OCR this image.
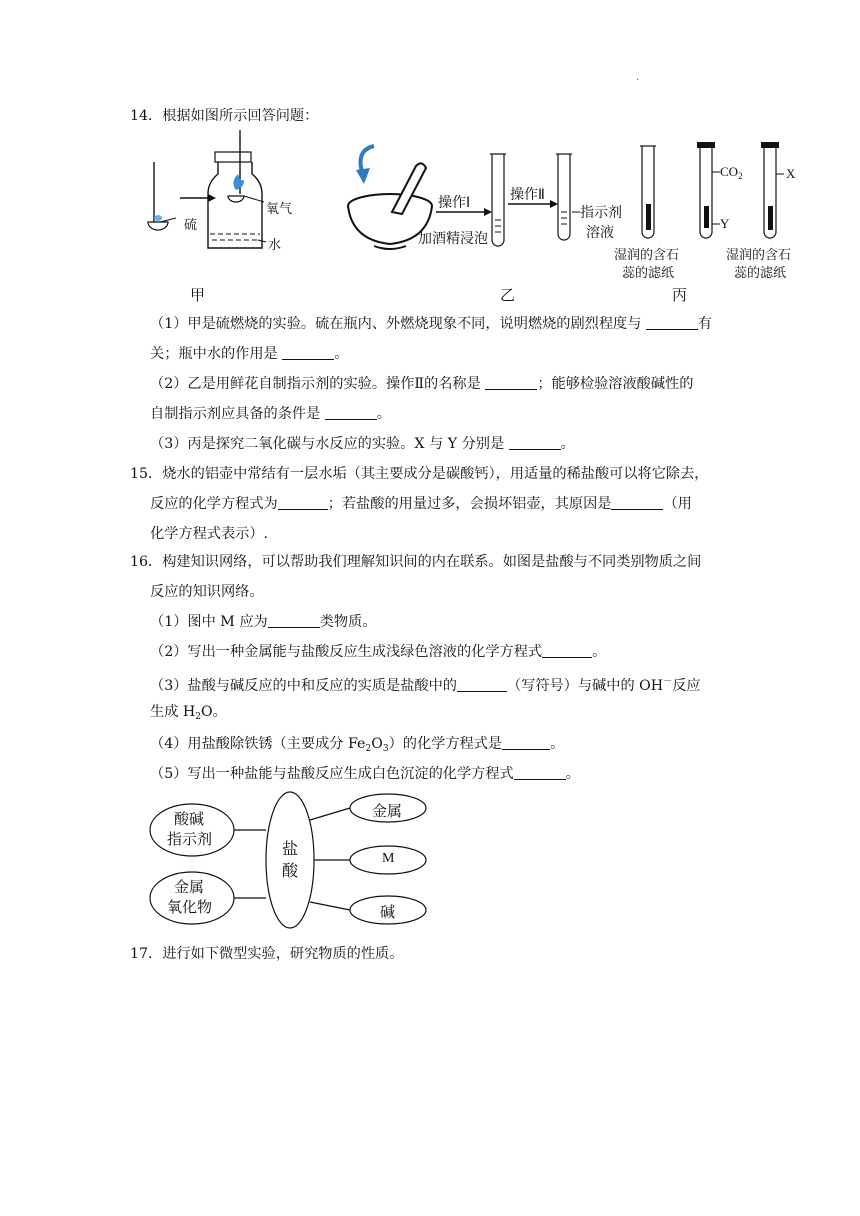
.
14．根据如图所示回答问题：
硫
氧气
水
甲
操作Ⅰ	操作Ⅱ
加酒精浸泡
指示剂
溶液
乙
$CO_2$
Y
X
湿润的含石
蕊的滤纸
湿润的含石
蕊的滤纸
丙
（1）甲是硫燃烧的实验。硫在瓶内、外燃烧现象不同，说明燃烧的剧烈程度与	有
关；瓶中水的作用是	。
（2）乙是用鲜花自制指示剂的实验。操作Ⅱ的名称是	；能够检验溶液酸碱性的
自制指示剂应具备的条件是	。
（3）丙是探究二氧化碳与水反应的实验。X 与 Y 分别是	。
15．烧水的铝壶中常结有一层水垢（其主要成分是碳酸钙），用适量的稀盐酸可以将它除去，
反应的化学方程式为	；若盐酸的用量过多，会损坏铝壶，其原因是	（用
化学方程式表示）.
16．构建知识网络，可以帮助我们理解知识间的内在联系。如图是盐酸与不同类别物质之间
反应的知识网络。
（1）图中 M 应为	类物质。
（2）写出一种金属能与盐酸反应生成浅绿色溶液的化学方程式	。
（3）盐酸与碱反应的中和反应的实质是盐酸中的	（写符号）与碱中的 OH－反应
生成 $H_2O$。
（4）用盐酸除铁锈（主要成分 $Fe_2O_3$）的化学方程式是	。
（5）写出一种盐能与盐酸反应生成白色沉淀的化学方程式	。
酸碱
指示剂
金属
氧化物
盐
酸
金属
M
碱
17．进行如下微型实验，研究物质的性质。
